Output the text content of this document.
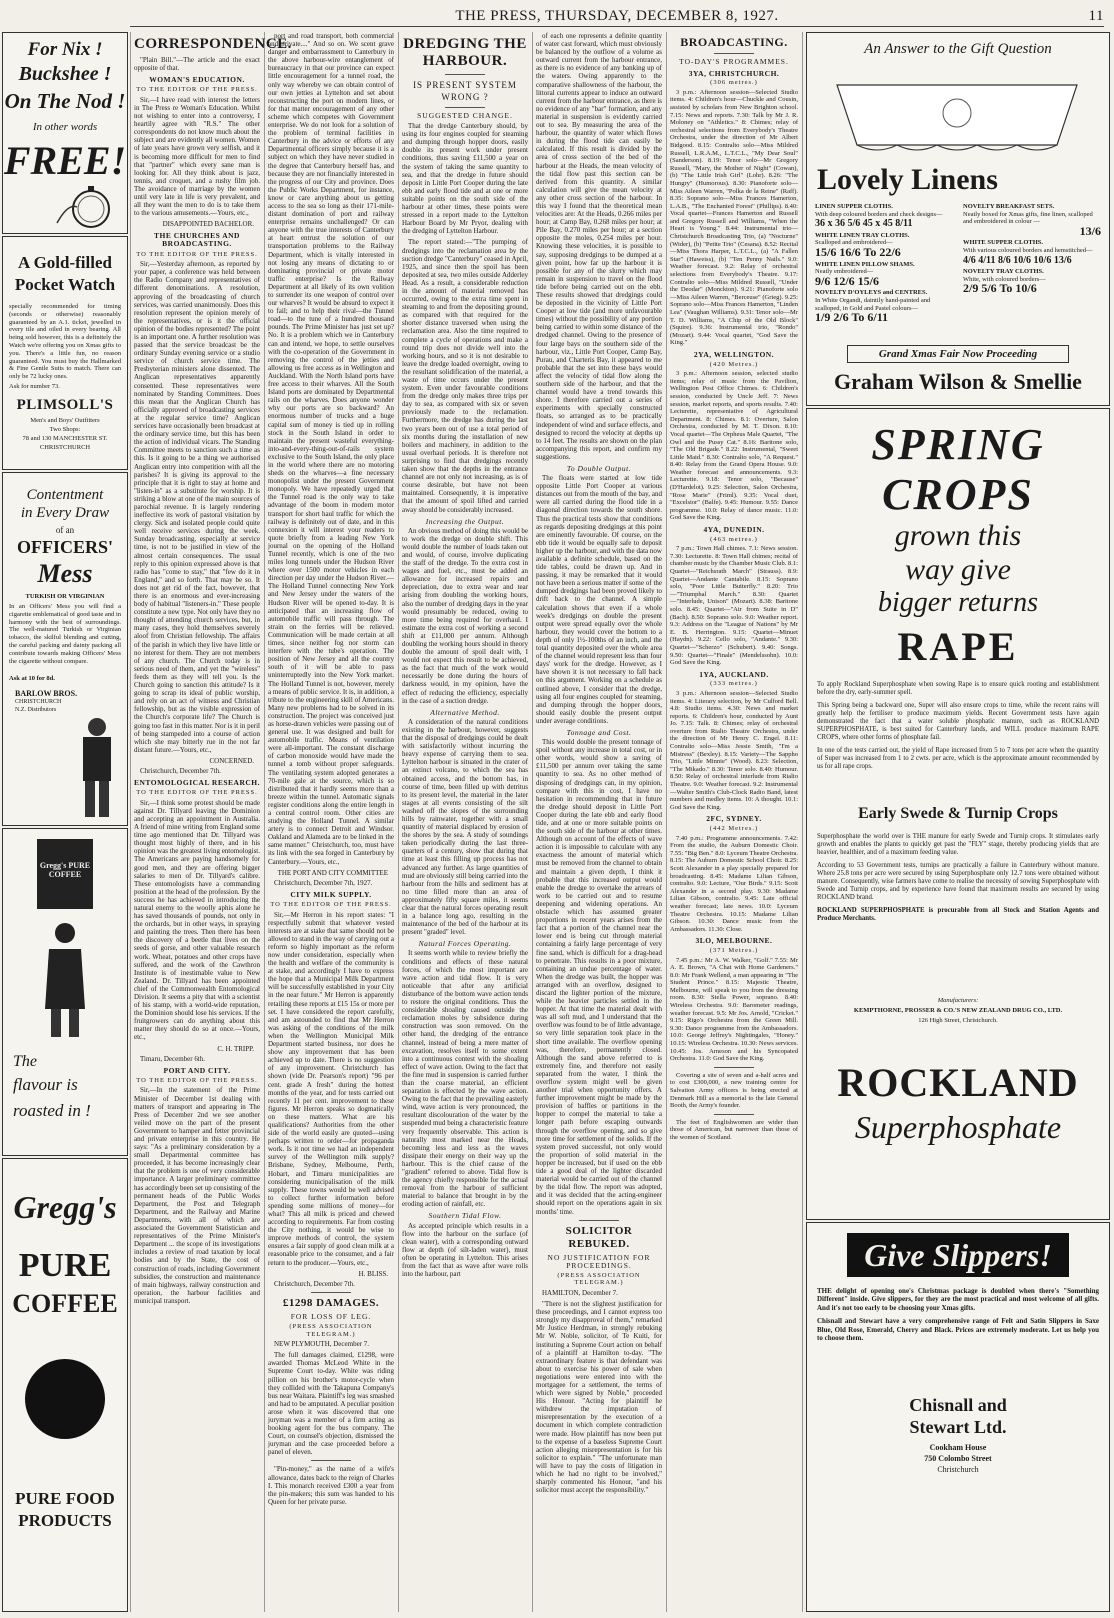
THE PRESS, THURSDAY, DECEMBER 8, 1927.	11
For Nix !
Buckshee !
On The Nod !
In other words
FREE!
A Gold-filled
Pocket Watch
specially recommended for timing (seconds or otherwise) reasonably guaranteed by an A.1. ticket, jewelled in every tile and oiled in every bearing. All being sold however, this is a definitely the Watch we're offering you on Xmas gifts to you. There's a little fun, no reason guaranteed. You must buy the Hallmarked & Fine Gentle Suits to match. There can only be 72 lucky ones.
Ask for number 73.
PLIMSOLL'S
Men's and Boys' Outfitters
Two Shops:
78 and 130 MANCHESTER ST.
CHRISTCHURCH
Contentment
in Every Draw
of an
OFFICERS'
Mess
TURKISH OR VIRGINIAN
In an Officers' Mess you will find a cigarette emblematical of good taste and in harmony with the best of surroundings. The well-matured Turkish or Virginian tobacco, the skilful blending and cutting, the careful packing and dainty packing all contribute towards making Officers' Mess the cigarette without compare.
Ask at 10 for 8d.
BARLOW BROS.
CHRISTCHURCH
N.Z. Distributors
Gregg's PURE COFFEE
The
flavour is
roasted in !
Gregg's
PURE
COFFEE
PURE FOOD
PRODUCTS
CORRESPONDENCE.

"Plain Bill."—The article and the exact opposite of that.

WOMAN'S EDUCATION.
TO THE EDITOR OF THE PRESS.

Sir,—I have read with interest the letters in The Press re Woman's Education. Whilst not wishing to enter into a controversy, I heartily agree with "R.S." The other correspondents do not know much about the subject and are evidently all women. Women of late years have grown very selfish, and it is becoming more difficult for men to find that "partner" which every sane man is looking for. All they think about is jazz, tennis, and croquet, and a rushy film job. The avoidance of marriage by the women until very late in life is very prevalent, and all they want the men to do is to take them to the various amusements.—Yours, etc.,

DISAPPOINTED BACHELOR.
THE CHURCHES AND BROADCASTING.
TO THE EDITOR OF THE PRESS.

Sir,—Yesterday afternoon, as reported by your paper, a conference was held between the Radio Company and representatives of different denominations. A resolution, approving of the broadcasting of church services, was carried unanimously. Does this resolution represent the opinion merely of the representatives, or is it the official opinion of the bodies represented? The point is an important one. A further resolution was passed that the service broadcast be the ordinary Sunday evening service or a studio service of church service time. The Presbyterian ministers alone dissented. The Anglican representatives apparently consented. These representatives were nominated by Standing Committees. Does this mean that the Anglican Church has officially approved of broadcasting services at the regular service time? Anglican services have occasionally been broadcast at the ordinary service time, but this has been the action of individual vicars. The Standing Committee meets to sanction such a time as this. Is it going to be a thing we authorised Anglican entry into competition with all the parishes? It is giving its approval to the principle that it is right to stay at home and "listen-in" as a substitute for worship. It is striking a blow at one of the main sources of parochial revenue. It is largely rendering ineffective its work of pastoral visitation by clergy. Sick and isolated people could quite well receive services during the week. Sunday broadcasting, especially at service time, is not to be justified in view of the almost certain consequences. The usual reply to this opinion expressed above is that radio has "come to stay," that "few do it in England," and so forth. That may be so. It does not get rid of the fact, however, that there is an enormous and ever-increasing body of habitual "listeners-in." These people constitute a new type. Not only have they no thought of attending church services, but, in many cases, they hold themselves severely aloof from Christian fellowship. The affairs of the parish in which they live have little or no interest for them. They are not members of any church. The Church today is in serious need of them, and yet the "wireless" feeds them as they will tell you. Is the Church going to sanction this attitude? Is it going to scrap its ideal of public worship, and rely on an act of witness and Christian fellowship, but as the visible expression of the Church's corporate life? The Church is going too fast in this matter. Nor is it in peril of being stampeded into a course of action which she may bitterly rue in the not far distant future.—Yours, etc.,

CONCERNED.

Christchurch, December 7th.

ENTOMOLOGICAL RESEARCH.
TO THE EDITOR OF THE PRESS.

Sir,—I think some protest should be made against Dr. Tillyard leaving the Dominion and accepting an appointment in Australia. A friend of mine writing from England some time ago mentioned that Dr. Tillyard was thought most highly of there, and in his opinion was the greatest living entomologist. The Americans are paying handsomely for good men, and they are offering bigger salaries to men of Dr. Tillyard's calibre. These entomologists have a commanding position at the head of the profession. By the success he has achieved in introducing the natural enemy to the woolly aphis alone he has saved thousands of pounds, not only in the orchards, but in other ways, in spraying and painting the trees. Then there has been the discovery of a beetle that lives on the seeds of gorse, and other valuable research work. Wheat, potatoes and other crops have suffered, and the work of the Cawthron Institute is of inestimable value to New Zealand. Dr. Tillyard has been appointed chief of the Commonwealth Entomological Division. It seems a pity that with a scientist of his stamp, with a world-wide reputation, the Dominion should lose his services. If the fruitgrowers can do anything about this matter they should do so at once.—Yours, etc.,

C. H. TRIPP.

Timaru, December 6th.

PORT AND CITY.
TO THE EDITOR OF THE PRESS.

Sir,—In the statement of the Prime Minister of December 1st dealing with matters of transport and appearing in The Press of December 2nd we see another veiled move on the part of the present Government to hamper and fetter provincial and private enterprise in this country. He says: "As a preliminary consideration by a small Departmental committee has proceeded, it has become increasingly clear that the problem is one of very considerable importance. A larger preliminary committee has accordingly been set up consisting of the permanent heads of the Public Works Department, the Post and Telegraph Department, and the Railway and Marine Departments, with all of which are associated the Government Statistician and representatives of the Prime Minister's Department ... the scope of its investigations includes a review of road taxation by local bodies and by the State, the cost of construction of roads, including Government subsidies, the construction and maintenance of main highways, railway construction and operation, the harbour facilities and municipal transport.

port and road transport, both commercial and private...." And so on. We scent grave danger and embarrassment to Canterbury in the above harbour-wire entanglement of bureaucracy in that our province can expect little encouragement for a tunnel road, the only way whereby we can obtain control of our own jetties at Lyttelton and set about reconstructing the port on modern lines, or for that matter encouragement of any other scheme which competes with Government enterprise. We do not look for a solution of the problem of terminal facilities in Canterbury in the advice or efforts of any Departmental officers simply because it is a subject on which they have never studied in the degree that Canterbury herself has, and because they are not financially interested in the progress of our City and province. Does the Public Works Department, for instance, know or care anything about us getting access to the sea so long as their 171-mile-distant domination of port and railway enterprise remains unchallenged? Or can anyone with the true interests of Canterbury at heart entrust the solution of our transportation problems to the Railway Department, which is vitally interested in not losing any means of dictating to or dominating provincial or private motor traffic enterprise? Is the Railway Department at all likely of its own volition to surrender its one weapon of control over our wharves? It would be absurd to expect it to fail; and to help their rival—the Tunnel road—to the tune of a hundred thousand pounds. The Prime Minister has just set up? No. It is a problem which we in Canterbury can and intend, we hope, to settle ourselves with the co-operation of the Government in removing the control of the jetties and allowing us free access as in Wellington and Auckland. With the North Island ports have free access to their wharves. All the South Island ports are dominated by Departmental rails on the wharves. Does anyone wonder why our ports are so backward? An enormous number of trucks and a huge capital sum of money is tied up in rolling stock in the South Island in order to maintain the present wasteful everything-into-and-every-thing-out-of-rails system exclusive to the South Island, the only place in the world where there are no motoring sheds on the wharves—a fine necessary monopolist under the present Government monopoly. We have repeatedly urged that the Tunnel road is the only way to take advantage of the boom in modern motor transport for short haul traffic for which the railway is definitely out of date, and in this connexion it will interest your readers to quote briefly from a leading New York journal on the opening of the Holland Tunnel recently, which is one of the two miles long tunnels under the Hudson River where over 1500 motor vehicles in each direction per day under the Hudson River.—The Holland Tunnel connecting New York and New Jersey under the waters of the Hudson River will be opened to-day. It is anticipated that an increasing flow of automobile traffic will pass through. The strain on the ferries will be relieved. Communication will be made certain at all times, since neither fog nor storm can interfere with the tube's operation. The position of New Jersey and all the country south of it will be able to pass uninterruptedly into the New York market. The Holland Tunnel is not, however, merely a means of public service. It is, in addition, a tribute to the engineering skill of Americans. Many new problems had to be solved in its construction. The project was conceived just as horse-drawn vehicles were passing out of general use. It was designed and built for automobile traffic. Means of ventilation were all-important. The constant discharge of carbon monoxide would have made the tunnel a tomb without proper safeguards. The ventilating system adopted generates a 70-mile gale at the source, which is so distributed that it hardly seems more than a breeze within the tunnel. Automatic signals register conditions along the entire length in a central control room. Other cities are studying the Holland Tunnel. A similar artery is to connect Detroit and Windsor. Oakland and Alameda are to be linked in the same manner." Christchurch, too, must have its link with the sea forged in Canterbury by Canterbury.—Yours, etc.,

THE PORT AND CITY COMMITTEE

Christchurch, December 7th, 1927.

CITY MILK SUPPLY.
TO THE EDITOR OF THE PRESS.

Sir,—Mr Herron in his report states: "I respectfully submit that whatever vested interests are at stake that same should not be allowed to stand in the way of carrying out a reform so highly important as the reform now under consideration, especially when the health and welfare of the community is at stake, and accordingly I have to express the hope that a Municipal Milk Department will be successfully established in your City in the near future." Mr Herron is apparently retailing these reports at £15 15s or more per set. I have considered the report carefully, and am astounded to find that Mr Herron was asking of the conditions of the milk when the Wellington Municipal Milk Department started business, nor does he show any improvement that has been achieved up to date. There is no suggestion of any improvement. Christchurch has shown (vide Dr. Pearson's report) "96 per cent. grade A fresh" during the hottest months of the year, and for tests carried out recently 11 per cent. improvement to these figures. Mr Herron speaks so dogmatically on these matters. What are his qualifications? Authorities from the other side of the world easily are quoted—using perhaps written to order—for propaganda work. Is it not time we had an independent survey of the Wellington milk supply? Brisbane, Sydney, Melbourne, Perth, Hobart, and Timaru municipalities are considering municipalisation of the milk supply. These towns would be well advised to collect further information before spending some millions of money—for what? This all milk is priced and chewed according to requirements. Far from costing the City nothing, it would be wise to improve methods of control, the system ensures a fair supply of good clean milk at a reasonable price to the consumer, and a fair return to the producer.—Yours, etc.,

H. BLISS.

Christchurch, December 7th.

£1298 DAMAGES.
FOR LOSS OF LEG.
(PRESS ASSOCIATION TELEGRAM.)

NEW PLYMOUTH, December 7.

The full damages claimed, £1298, were awarded Thomas McLeod White in the Supreme Court to-day. White was riding pillion on his brother's motor-cycle when they collided with the Takapuna Company's bus near Waitara. Plaintiff's leg was smashed and had to be amputated. A peculiar position arose when it was discovered that one juryman was a member of a firm acting as booking agent for the bus company. The Court, on counsel's objection, dismissed the juryman and the case proceeded before a panel of eleven.

"Pin-money," as the name of a wife's allowance, dates back to the reign of Charles I. This monarch received £300 a year from the pin-makers; this sum was handed to his Queen for her private purse.

DREDGING THE HARBOUR.
IS PRESENT SYSTEM WRONG ?
SUGGESTED CHANGE.

That the dredge Canterbury should, by using its four engines coupled for steaming and dumping through hopper doors, easily double its present work under present conditions, thus saving £11,500 a year on the system of taking the same quantity to sea, and that the dredge in future should deposit in Little Port Cooper during the late ebb and early flood tide and at one or more suitable points on the south side of the harbour at other times, these points were stressed in a report made to the Lyttelton Harbour Board by Mr Pryor, dealing with the dredging of Lyttelton Harbour.

The report stated:—"The pumping of dredgings into the reclamation area by the suction dredge "Canterbury" ceased in April, 1925, and since then the spoil has been deposited at sea, two miles outside Adderley Head. As a result, a considerable reduction in the amount of material removed has occurred, owing to the extra time spent in steaming to and from the depositing ground, as compared with that required for the shorter distance traversed when using the reclamation area. Also the time required to complete a cycle of operations and make a round trip does not divide well into the working hours, and so it is not desirable to leave the dredge loaded overnight, owing to the resultant solidification of the material, a waste of time occurs under the present system. Even under favourable conditions from the dredge only makes three trips per day to sea, as compared with six or seven previously made to the reclamation. Furthermore, the dredge has during the last two years been out of use a total period of six months during the installation of new boilers and machinery, in addition to the usual overhaul periods. It is therefore not surprising to find that dredgings recently taken show that the depths in the entrance channel are not only not increasing, as is of course desirable, but have not been maintained. Consequently, it is imperative that the amount of spoil lifted and carried away should be considerably increased.

Increasing the Output.

An obvious method of doing this would be to work the dredge on double shift. This would double the number of loads taken out and would, of course, involve duplicating the staff of the dredge. To the extra cost in wages and fuel, etc., must be added an allowance for increased repairs and depreciation, due to extra wear and tear arising from doubling the working hours, also the number of dredging days in the year would presumably be reduced, owing to more time being required for overhaul. I estimate the extra cost of working a second shift at £11,000 per annum. Although doubling the working hours should in theory double the amount of spoil dealt with, I would not expect this result to be achieved, as the fact that much of the work would necessarily be done during the hours of darkness would, in my opinion, have the effect of reducing the efficiency, especially in the case of a suction dredge.

Alternative Method.

A consideration of the natural conditions existing in the harbour, however, suggests that the disposal of dredgings could be dealt with satisfactorily without incurring the heavy expense of carrying them to sea. Lyttelton harbour is situated in the crater of an extinct volcano, to which the sea has obtained access, and the bottom has, in course of time, been filled up with detritus to its present level, the material in the later stages at all events consisting of the silt washed off the slopes of the surrounding hills by rainwater, together with a small quantity of material displaced by erosion of the shores by the sea. A study of soundings taken periodically during the last three-quarters of a century, show that during that time at least this filling up process has not advanced any further. As large quantities of mud are obviously still being carried into the harbour from the hills and sediment has at no time filled more than an area of approximately fifty square miles, it seems clear that the natural forces operating result in a balance long ago, resulting in the maintenance of the bed of the harbour at its present "graded" level.

Natural Forces Operating.

It seems worth while to review briefly the conditions and effects of these natural forces, of which the most important are wave action and tidal flow. It is very noticeable that after any artificial disturbance of the bottom wave action tends to restore the original conditions. Thus the considerable shoaling caused outside the reclamation moles by subsidence during construction was soon removed. On the other hand, the dredging of the entrance channel, instead of being a mere matter of excavation, resolves itself to some extent into a continuous contest with the shoaling effect of wave action. Owing to the fact that the fine mud in suspension is carried further than the coarse material, an efficient separation is effected by the wave action. Owing to the fact that the prevailing easterly wind, wave action is very pronounced, the resultant discolouration of the water by the suspended mud being a characteristic feature very frequently observable. This action is naturally most marked near the Heads, becoming less and less as the waves dissipate their energy on their way up the harbour. This is the chief cause of the "gradient" referred to above. Tidal flow is the agency chiefly responsible for the actual removal from the harbour of sufficient material to balance that brought in by the eroding action of rainfall, etc.

Southern Tidal Flow.

As accepted principle which results in a flow into the harbour on the surface (of clean water), with a corresponding outward flow at depth (of silt-laden water), must often be operating in Lyttelton. This arises from the fact that as wave after wave rolls into the harbour, part

of each one represents a definite quantity of water cast forward, which must obviously be balanced by the outflow of a volume as outward current from the harbour entrance, as there is no evidence of any banking up of the waters. Owing apparently to the comparative shallowness of the harbour, the littoral currents appear to induce an outward current from the harbour entrance, as there is no evidence of any "bar" formation, and any material in suspension is evidently carried out to sea. By measuring the area of the harbour, the quantity of water which flows in during the flood tide can easily be calculated. If this result is divided by the area of cross section of the bed of the harbour at the Heads, the mean velocity of the tidal flow past this section can be derived from this quantity. A similar calculation will give the mean velocity at any other cross section of the harbour. In this way I found that the theoretical mean velocities are: At the Heads, 0.266 miles per hour; at Camp Bay, 0.268 miles per hour; at Pile Bay, 0.270 miles per hour; at a section opposite the moles, 0.254 miles per hour. Knowing these velocities, it is possible to say, supposing dredgings to be dumped at a given point, how far up the harbour it is possible for any of the slurry which may remain in suspension to travel on the flood tide before being carried out on the ebb. These results showed that dredgings could be deposited in the vicinity of Little Port Cooper at low tide (and more unfavourable times) without the possibility of any portion being carried to within some distance of the dredged channel. Owing to the presence of four large bays on the southern side of the harbour, viz., Little Port Cooper, Camp Bay, Purau, and Charteris Bay, it appeared to me probable that the set into these bays would affect the velocity of tidal flow along the southern side of the harbour, and that the channel would have a trend towards this shore. I therefore carried out a series of experiments with specially constructed floats, so arranged as to be practically independent of wind and surface effects, and designed to record the velocity at depths up to 14 feet. The results are shown on the plan accompanying this report, and confirm my suggestions.

To Double Output.

The floats were started at low tide opposite Little Port Cooper at various distances out from the mouth of the bay, and were all carried during the flood tide in a diagonal direction towards the south shore. Thus the practical tests show that conditions as regards depositing dredgings at this point are eminently favourable. Of course, on the ebb tide it would be equally safe to deposit higher up the harbour, and with the data now available a definite schedule, based on the tide tables, could be drawn up. And in passing, it may be remarked that it would not have been a serious matter if some of the dumped dredgings had been proved likely to drift back to the channel. A simple calculation shows that even if a whole week's dredgings on double the present output were spread equally over the whole harbour, they would cover the bottom to a depth of only 1½-100ths of an inch, and the total quantity deposited over the whole area of the channel would represent less than four days' work for the dredge. However, as I have shown it is not necessary to fall back on this argument. Working on a schedule as outlined above, I consider that the dredge, using all four engines coupled for steaming, and dumping through the hopper doors, should easily double the present output under average conditions.

Tonnage and Cost.

This would double the present tonnage of spoil without any increase in total cost, or in other words, would show a saving of £11,500 per annum over taking the same quantity to sea. As no other method of disposing of dredgings can, in my opinion, compare with this in cost, I have no hesitation in recommending that in future the dredge should deposit in Little Port Cooper during the late ebb and early flood tide, and at one or more suitable points on the south side of the harbour at other times. Although on account of the effects of wave action it is impossible to calculate with any exactness the amount of material which must be removed from the channel to obtain and maintain a given depth, I think it probable that this increased output would enable the dredge to overtake the arrears of work to be carried out and to resume deepening and widening operations. An obstacle which has assumed greater proportions in recent years arises from the fact that a portion of the channel near the lower end is being cut through material containing a fairly large percentage of very fine sand, which is difficult for a drag-head to penetrate. This results in a poor mixture, containing an undue percentage of water. When the dredge was built, the hopper was arranged with an overflow, designed to discard the lighter portion of the mixture, while the heavier particles settled in the hopper. At that time the material dealt with was all soft mud, and I understand that the overflow was found to be of little advantage, so very little separation took place in the short time available. The overflow opening was, therefore, permanently closed. Although the sand above referred to is extremely fine, and therefore not easily separated from the water, I think the overflow system might well be given another trial when opportunity offers. A further improvement might be made by the provision of baffles or partitions in the hopper to compel the material to take a longer path before escaping outwards through the overflow opening, and so give more time for settlement of the solids. If the system proved successful, not only would the proportion of solid material in the hopper be increased, but if used on the ebb tide a good deal of the lighter discarded material would be carried out of the channel by the tidal flow. The report was adopted, and it was decided that the acting-engineer should report on the operations again in six months' time.

SOLICITOR REBUKED.
NO JUSTIFICATION FOR PROCEEDINGS.
(PRESS ASSOCIATION TELEGRAM.)

HAMILTON, December 7.

"There is not the slightest justification for these proceedings, and I cannot express too strongly my disapproval of them," remarked Mr Justice Herdman, in strongly rebuking Mr W. Noble, solicitor, of Te Kuiti, for instituting a Supreme Court action on behalf of a plaintiff at Hamilton to-day. "The extraordinary feature is that defendant was about to exercise his power of sale when negotiations were entered into with the mortgagee for a settlement, the terms of which were signed by Noble," proceeded His Honour. "Acting for plaintiff he withdrew the imputation of misrepresentation by the execution of a document in which complete contradiction were made. How plaintiff has now been put to the expense of a baseless Supreme Court action alleging misrepresentation is for his solicitor to explain." "The unfortunate man will have to pay the costs of litigation in which he had no right to be involved," sharply commented his Honour, "and his solicitor must accept the responsibility."

BROADCASTING.
TO-DAY'S PROGRAMMES.
3YA, CHRISTCHURCH.
(306 metres.)

3 p.m.: Afternoon session—Selected Studio items. 4: Children's hour—Chuckle and Cousin, assisted by scholars from New Brighton school. 7.15: News and reports. 7.30: Talk by Mr J. R. Moloney on "Athletics." 8: Chimes; relay of orchestral selections from Everybody's Theatre Orchestra, under the direction of Mr Albert Bidgood. 8.15: Contralto solo—Miss Mildred Russell, L.R.A.M., L.T.C.L., "My Dear Soul" (Sanderson). 8.19: Tenor solo—Mr Gregory Russell, "Mary, the Mother of Night" (Cowan), (b) "The Little Irish Girl" (Lohr). 8.26: "The Hungry" (Humorous). 8.30: Pianoforte solo—Miss Aileen Warren, "Polka de la Reine" (Raff). 8.35: Soprano solo—Miss Frances Hamerton, L.A.B., "The Enchanted Forest" (Phillips). 8.40: Vocal quartet—Frances Hamerton and Russell and Gregory Russell and Williams, "When the Heart is Young." 8.44: Instrumental trio—Christchurch Broadcasting Trio, (a) "Nocturne" (Wider), (b) "Petite Trio" (Cesana). 8.52: Recital—Miss Thora Harper, L.T.C.L., (a) "A Fallen Star" (Haweiss), (b) "Ten Penny Nails." 9.0: Weather forecast. 9.2: Relay of orchestral selections from Everybody's Theatre. 9.17: Contralto solo—Miss Mildred Russell, "Under the Deodar" (Monckton). 9.21: Pianoforte solo—Miss Aileen Warren, "Berceuse" (Grieg). 9.25: Soprano solo—Miss Frances Hamerton, "Linden Lea" (Vaughan Williams). 9.31: Tenor solo—Mr T. D. Williams, "A Chip of the Old Block" (Squire). 9.36: Instrumental trio, "Rondo" (Mozart). 9.44: Vocal quartet, "God Save the King."

2YA, WELLINGTON.
(420 Metres.)

3 p.m.: Afternoon session, selected studio items; relay of music from the Pavilion, Wellington Post Office Chimes. 6: Children's session, conducted by Uncle Jeff. 7: News session, market reports, and sports results. 7.40: Lecturette, representative of Agricultural Department. 8: Chimes. 8.1: Overture, Salon Orchestra, conducted by M. T. Dixon. 8.10: Vocal quartet—The Orpheus Male Quartet, "The Owl and the Pussy Cat." 8.16: Baritone solo, "The Old Brigade." 8.22: Instrumental, "Sweet Little Maid." 8.30: Contralto solo, "A Request." 8.40: Relay from the Grand Opera House. 9.0: Weather forecast and announcements. 9.3: Lecturette. 9.18: Tenor solo, "Because" (D'Hardelot). 9.25: Selection, Salon Orchestra, "Rose Marie" (Friml). 9.35: Vocal duet, "Excelsior" (Balfe). 9.45: Humour. 9.55: Dance programme. 10.0: Relay of dance music. 11.0: God Save the King.

4YA, DUNEDIN.
(463 metres.)

7 p.m.: Town Hall chimes. 7.1: News session. 7.30: Lecturette. 8: Town Hall chimes; recital of chamber music by the Chamber Music Club. 8.1: Quartet—"Reichsrath March" (Strauss). 8.9: Quartet—Andante Cantabile. 8.15: Soprano solo, "Poor Little Butterfly." 8.20: Trio—"Triumphal March." 8.30: Quartet—"Interlude, Unison" (Mozart). 8.38: Baritone solo. 8.45: Quartet—"Air from Suite in D" (Bach). 8.50: Soprano solo. 9.0: Weather report. 9.3: Address on the "League of Nations" by Mr E. B. Herrington. 9.15: Quartet—Minuet (Haydn). 9.22: Cello solo, "Andante." 9.30: Quartet—"Scherzo" (Schubert). 9.40: Songs. 9.50: Quartet—"Finale" (Mendelssohn). 10.0: God Save the King.

1YA, AUCKLAND.
(333 metres.)

3 p.m.: Afternoon session—Selected Studio items. 4: Literary selection, by Mr Culford Bell. 4.8: Studio items. 4.30: News and market reports. 6: Children's hour, conducted by Aunt Jo. 7.15: Talk. 8: Chimes; relay of orchestral overture from Rialto Theatre Orchestra, under the direction of Mr Henry C. Engel. 8.11: Contralto solo—Miss Jessie Smith, "I'm a Mistress" (Bexley). 8.15: Variety—The Sappho Trio, "Little Minnie" (Wood). 8.23: Selection, "The Mikado." 8.30: Tenor solo. 8.40: Humour. 8.50: Relay of orchestral interlude from Rialto Theatre. 9.0: Weather forecast. 9.2: Instrumental—Walter Smith's Club-Clock Radio Band, latest numbers and medley items. 10: A thought. 10.1: God Save the King.

2FC, SYDNEY.
(442 Metres.)

7.40 p.m.: Programme announcements. 7.42: From the studio, the Auburn Domestic Choir. 7.55: "Big Ben." 8.0: Lyceum Theatre Orchestra. 8.15: The Auburn Domestic School Choir. 8.25: Scott Alexander in a play specially prepared for broadcasting. 8.45: Madame Lilian Gibson, contralto. 9.0: Lecture, "Our Birds." 9.15: Scott Alexander in a second play. 9.30: Madame Lilian Gibson, contralto. 9.45: Late official weather forecast; late news. 10.0: Lyceum Theatre Orchestra. 10.15: Madame Lilian Gibson. 10.30: Dance music from the Ambassadors. 11.30: Close.

3LO, MELBOURNE.
(371 Metres.)

7.45 p.m.: Mr A. W. Walker, "Golf." 7.55: Mr A. E. Brown, "A Chat with Home Gardeners." 8.0: Mr Frank Wellend, a man appearing in "The Student Prince." 8.15: Majestic Theatre, Melbourne, will speak to you from the dressing room. 8.30: Stella Power, soprano. 8.40: Wireless Orchestra. 9.0: Barometer readings, weather forecast. 9.5: Mr Jos. Arnold, "Cricket." 9.15: Rigo's Orchestra from the Green Mill. 9.30: Dance programme from the Ambassadors. 10.0: George Jeffrey's Nightingales, "Honey." 10.15: Wireless Orchestra. 10.30: News services. 10.45: Jos. Arneson and his Syncopated Orchestra. 11.0: God Save the King.

Covering a site of seven and a-half acres and to cost £300,000, a new training centre for Salvation Army officers is being erected at Denmark Hill as a memorial to the late General Booth, the Army's founder.

The feet of Englishwomen are wider than those of American, but narrower than those of the women of Scotland.

An Answer to the Gift Question
Lovely Linens
LINEN SUPPER CLOTHS.
With deep coloured borders and check designs—
36 x 36 5/6 45 x 45 8/11
WHITE LINEN TRAY CLOTHS.
Scalloped and embroidered—
15/6 16/6 To 22/6
WHITE LINEN PILLOW SHAMS.
Neatly embroidered—
9/6 12/6 15/6
NOVELTY D'OYLEYS and CENTRES.
In White Organdi, daintily hand-painted and scalloped, in Gold and Pastel colours—
1/9 2/6 To 6/11
NOVELTY BREAKFAST SETS.
Neatly boxed for Xmas gifts, fine linen, scalloped and embroidered in colour —
13/6
WHITE SUPPER CLOTHS.
With various coloured borders and hemstitched—
4/6 4/11 8/6 10/6 10/6 13/6
NOVELTY TRAY CLOTHS.
White, with coloured borders—
2/9 5/6 To 10/6
Grand Xmas Fair Now Proceeding
Graham Wilson & Smellie
SPRING
CROPS
grown this
way give
bigger returns
RAPE

To apply Rockland Superphosphate when sowing Rape is to ensure quick rooting and establishment before the dry, early-summer spell.

This Spring being a backward one, Super will also ensure crops to time, while the recent rains will greatly help the fertiliser to produce maximum yields. Recent Government tests have again demonstrated the fact that a water soluble phosphatic manure, such as ROCKLAND SUPERPHOSPHATE, is best suited for Canterbury lands, and WILL produce maximum RAPE CROPS, where other forms of phosphate fail.

In one of the tests carried out, the yield of Rape increased from 5 to 7 tons per acre when the quantity of Super was increased from 1 to 2 cwts. per acre, which is the approximate amount recommended by us for all rape crops.

Early Swede & Turnip Crops

Superphosphate the world over is THE manure for early Swede and Turnip crops. It stimulates early growth and enables the plants to quickly get past the "FLY" stage, thereby producing yields that are heavier, healthier, and of a maximum feeding value.

According to 53 Government tests, turnips are practically a failure in Canterbury without manure. Where 25.8 tons per acre were secured by using Superphosphate only 12.7 tons were obtained without manure. Consequently, wise farmers have come to realise the necessity of sowing Superphosphate with Swede and Turnip crops, and by experience have found that maximum results are secured by using ROCKLAND brand.

ROCKLAND SUPERPHOSPHATE is procurable from all Stock and Station Agents and Produce Merchants.

Manufacturers:
KEMPTHORNE, PROSSER & CO.'S NEW ZEALAND DRUG CO., LTD.
126 High Street, Christchurch.
ROCKLAND
Superphosphate
Give Slippers!

THE delight of opening one's Christmas package is doubled when there's "Something Different" inside. Give slippers, for they are the most practical and most welcome of all gifts. And it's not too early to be choosing your Xmas gifts.

Chisnall and Stewart have a very comprehensive range of Felt and Satin Slippers in Saxe Blue, Old Rose, Emerald, Cherry and Black. Prices are extremely moderate. Let us help you to choose them.

Chisnall and
Stewart Ltd.
Cookham House
750 Colombo Street
Christchurch
